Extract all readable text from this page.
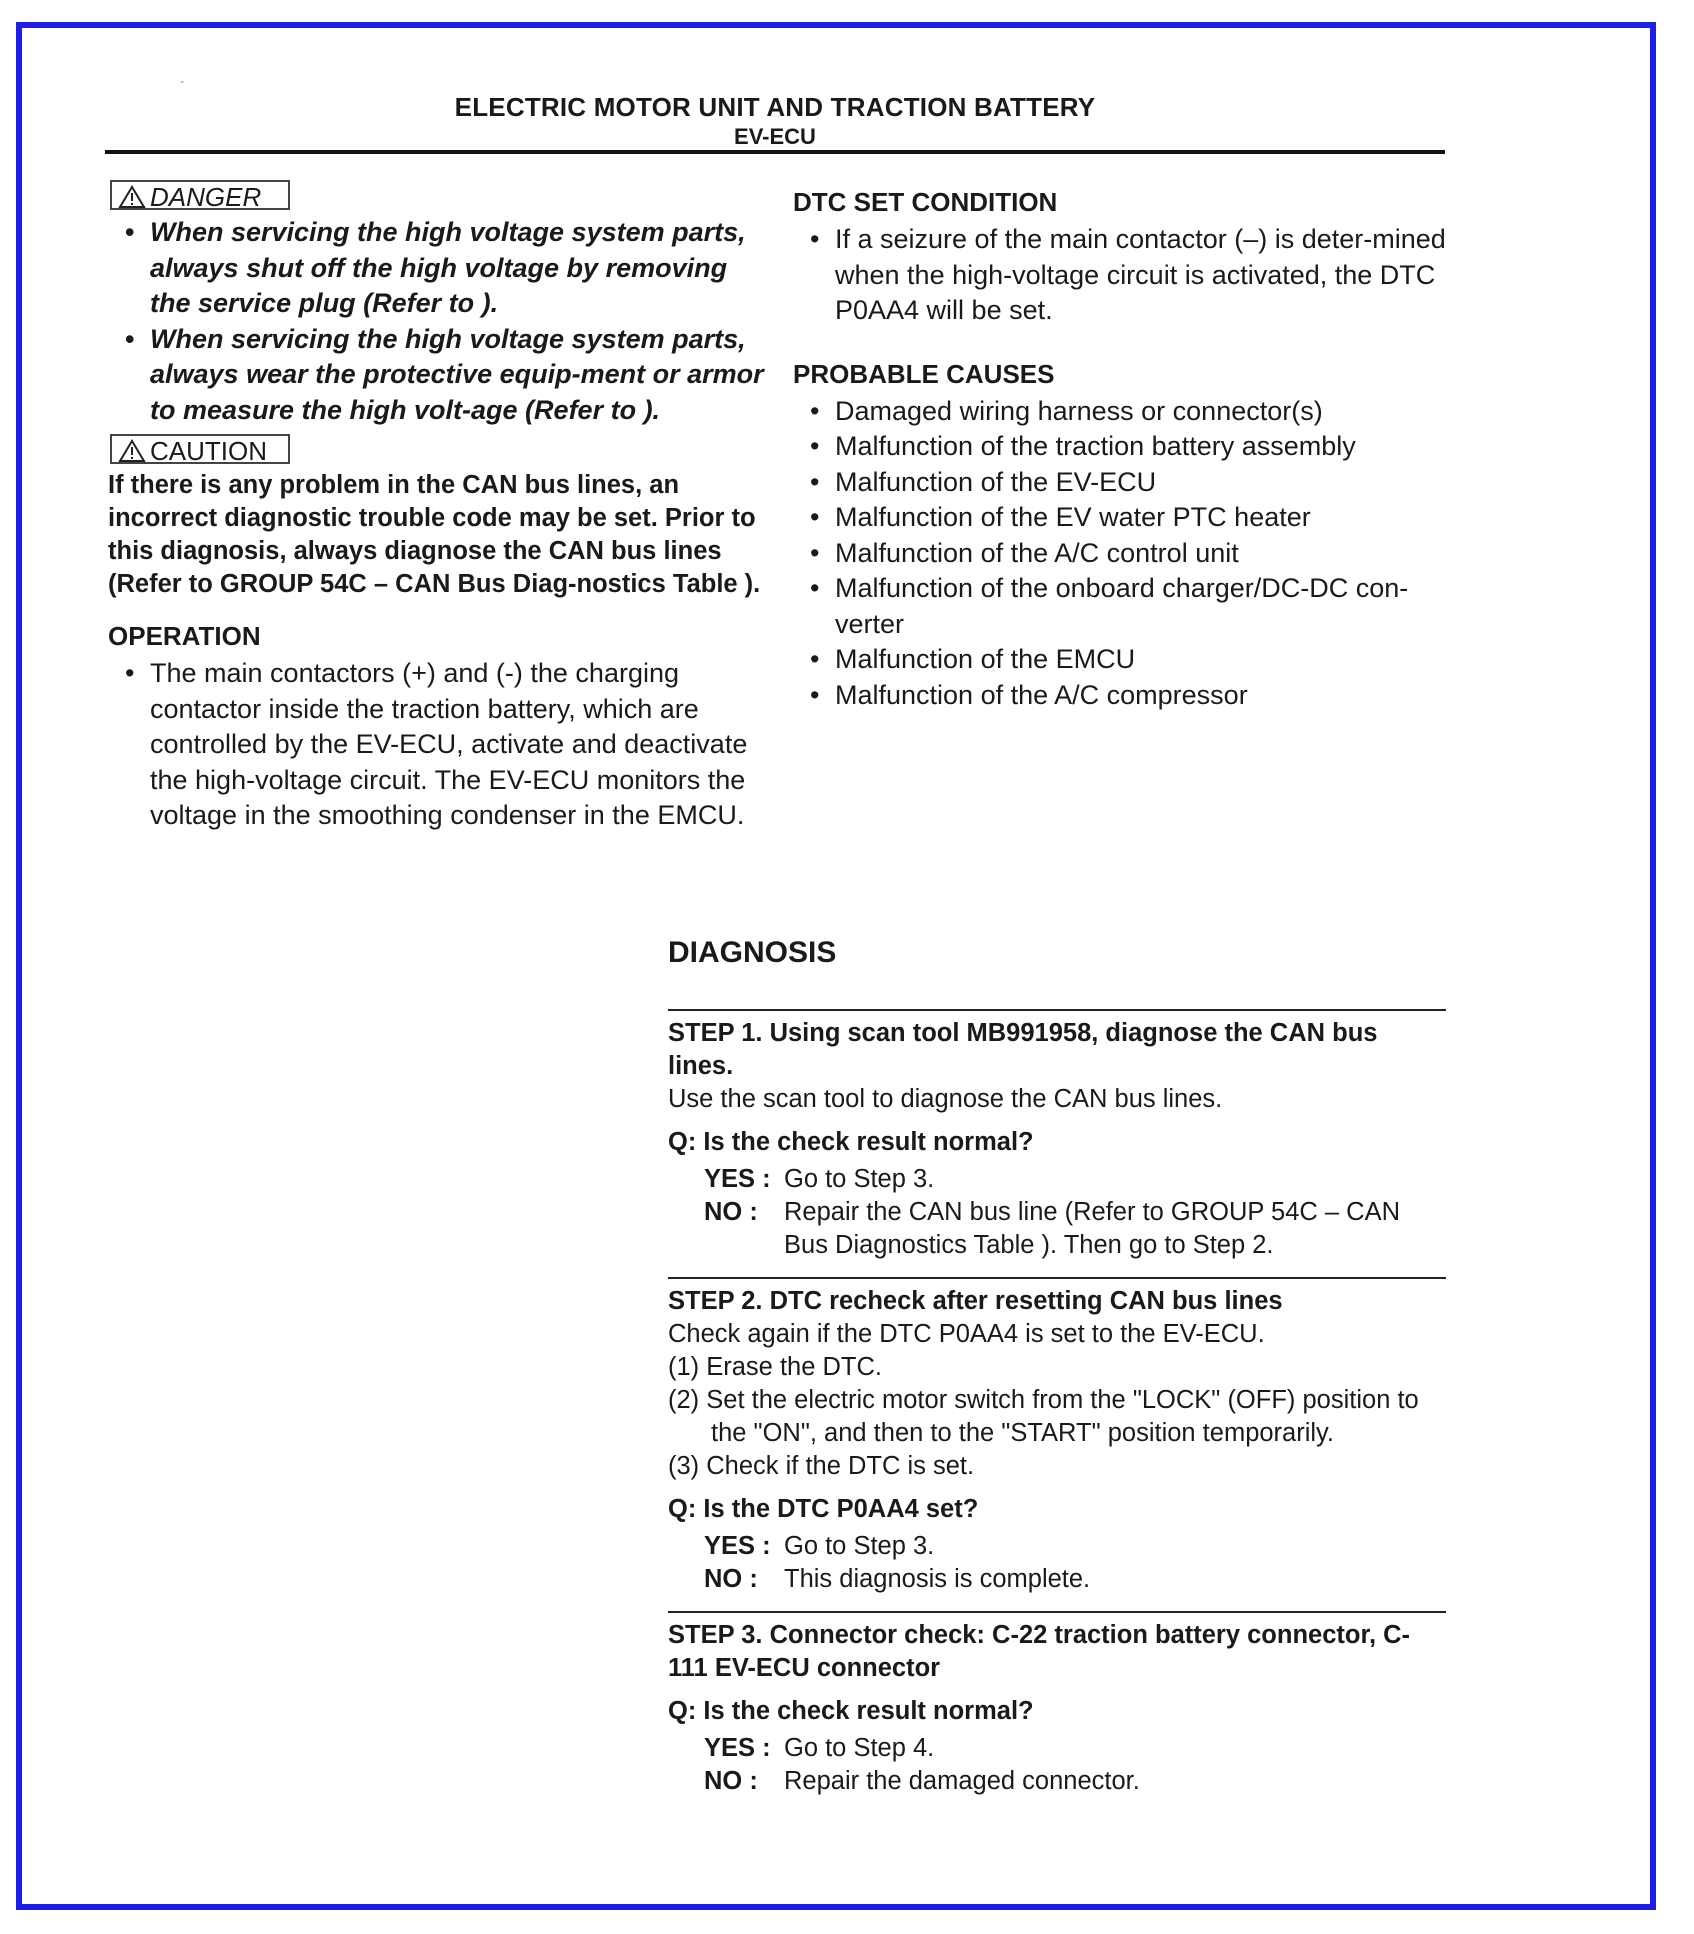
-
ELECTRIC MOTOR UNIT AND TRACTION BATTERY
EV-ECU
DANGER
• When servicing the high voltage system parts, always shut off the high voltage by removing the service plug (Refer to ).
• When servicing the high voltage system parts, always wear the protective equip-ment or armor to measure the high volt-age (Refer to ).
CAUTION
If there is any problem in the CAN bus lines, an incorrect diagnostic trouble code may be set. Prior to this diagnosis, always diagnose the CAN bus lines (Refer to GROUP 54C – CAN Bus Diag-nostics Table ).
OPERATION
• The main contactors (+) and (-) the charging contactor inside the traction battery, which are controlled by the EV-ECU, activate and deactivate the high-voltage circuit. The EV-ECU monitors the voltage in the smoothing condenser in the EMCU.
DTC SET CONDITION
• If a seizure of the main contactor (–) is deter-mined when the high-voltage circuit is activated, the DTC P0AA4 will be set.
PROBABLE CAUSES
• Damaged wiring harness or connector(s)
• Malfunction of the traction battery assembly
• Malfunction of the EV-ECU
• Malfunction of the EV water PTC heater
• Malfunction of the A/C control unit
• Malfunction of the onboard charger/DC-DC con-verter
• Malfunction of the EMCU
• Malfunction of the A/C compressor
DIAGNOSIS
STEP 1. Using scan tool MB991958, diagnose the CAN bus lines.
Use the scan tool to diagnose the CAN bus lines.
Q: Is the check result normal?
YES : Go to Step 3.
NO :	Repair the CAN bus line (Refer to GROUP 54C – CAN Bus Diagnostics Table ). Then go to Step 2.
STEP 2. DTC recheck after resetting CAN bus lines
Check again if the DTC P0AA4 is set to the EV-ECU.
(1) Erase the DTC.
(2) Set the electric motor switch from the "LOCK" (OFF) position to the "ON", and then to the "START" position temporarily.
(3) Check if the DTC is set.
Q: Is the DTC P0AA4 set?
YES : Go to Step 3.
NO :	This diagnosis is complete.
STEP 3. Connector check: C-22 traction battery connector, C-111 EV-ECU connector
Q: Is the check result normal?
YES : Go to Step 4.
NO :	Repair the damaged connector.
